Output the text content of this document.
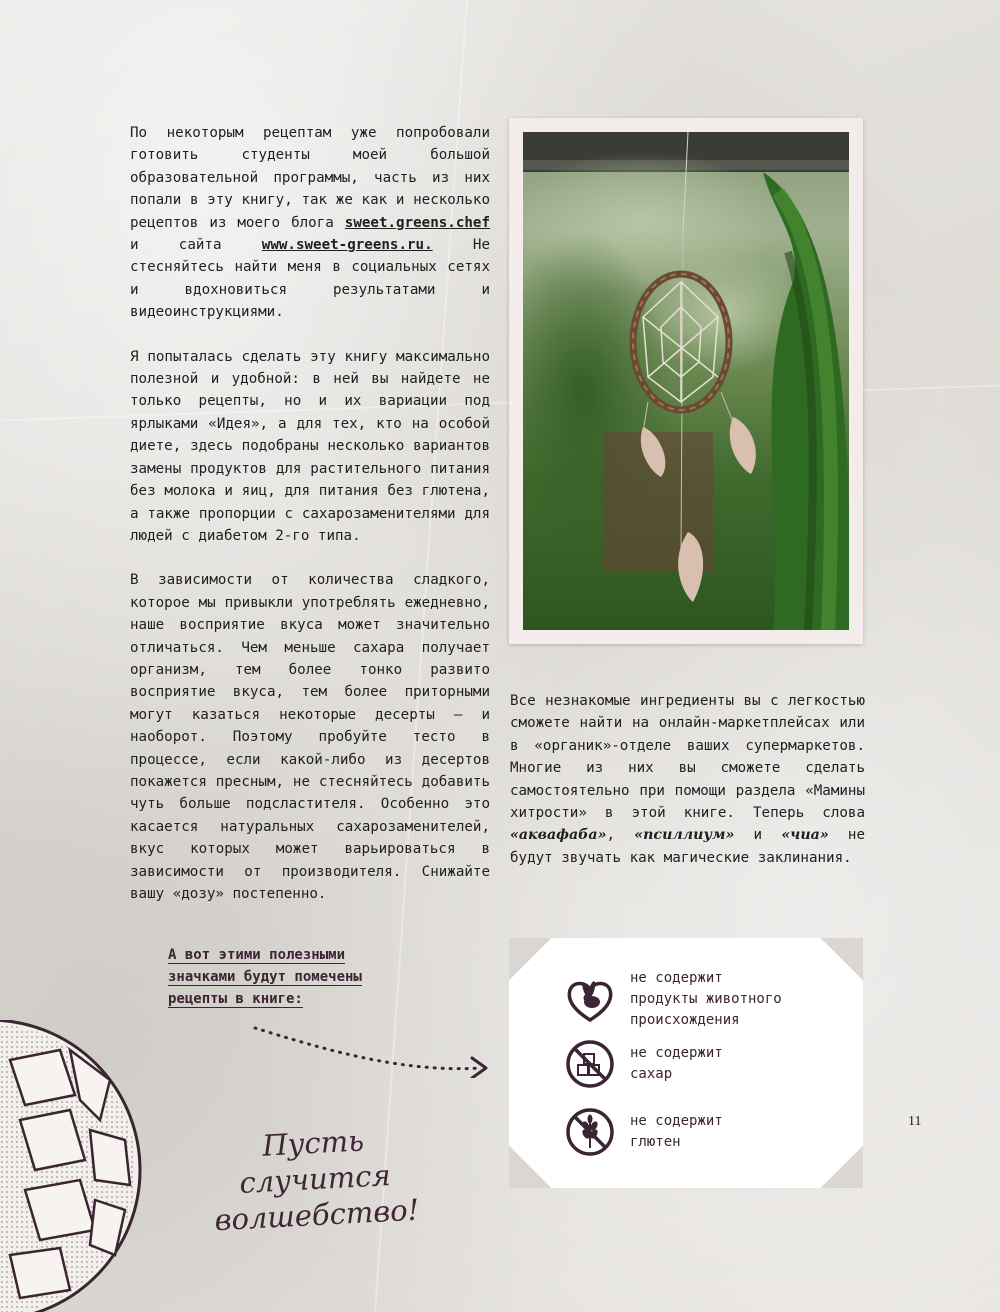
По некоторым рецептам уже попробовали готовить студенты моей большой образовательной программы, часть из них попали в эту книгу, так же как и несколько рецептов из моего блога sweet.greens.chef и сайта www.sweet-greens.ru. Не стесняйтесь найти меня в социальных сетях и вдохновиться результатами и видеоинструкциями.

Я попыталась сделать эту книгу максимально полезной и удобной: в ней вы найдете не только рецепты, но и их вариации под ярлыками «Идея», а для тех, кто на особой диете, здесь подобраны несколько вариантов замены продуктов для растительного питания без молока и яиц, для питания без глютена, а также пропорции с сахарозаменителями для людей с диабетом 2-го типа.

В зависимости от количества сладкого, которое мы привыкли употреблять ежедневно, наше восприятие вкуса может значительно отличаться. Чем меньше сахара получает организм, тем более тонко развито восприятие вкуса, тем более приторными могут казаться некоторые десерты — и наоборот. Поэтому пробуйте тесто в процессе, если какой-либо из десертов покажется пресным, не стесняйтесь добавить чуть больше подсластителя. Особенно это касается натуральных сахарозаменителей, вкус которых может варьироваться в зависимости от производителя. Снижайте вашу «дозу» постепенно.

Все незнакомые ингредиенты вы с легкостью сможете найти на онлайн-маркетплейсах или в «органик»-отделе ваших супермаркетов. Многие из них вы сможете сделать самостоятельно при помощи раздела «Мамины хитрости» в этой книге. Теперь слова «аквафаба», «псиллиум» и «чиа» не будут звучать как магические заклинания.

А вот этими полезными
значками будут помечены
рецепты в книге:
Пусть случится
волшебство!
не содержит
продукты животного
происхождения
не содержит
сахар
не содержит
глютен
11
